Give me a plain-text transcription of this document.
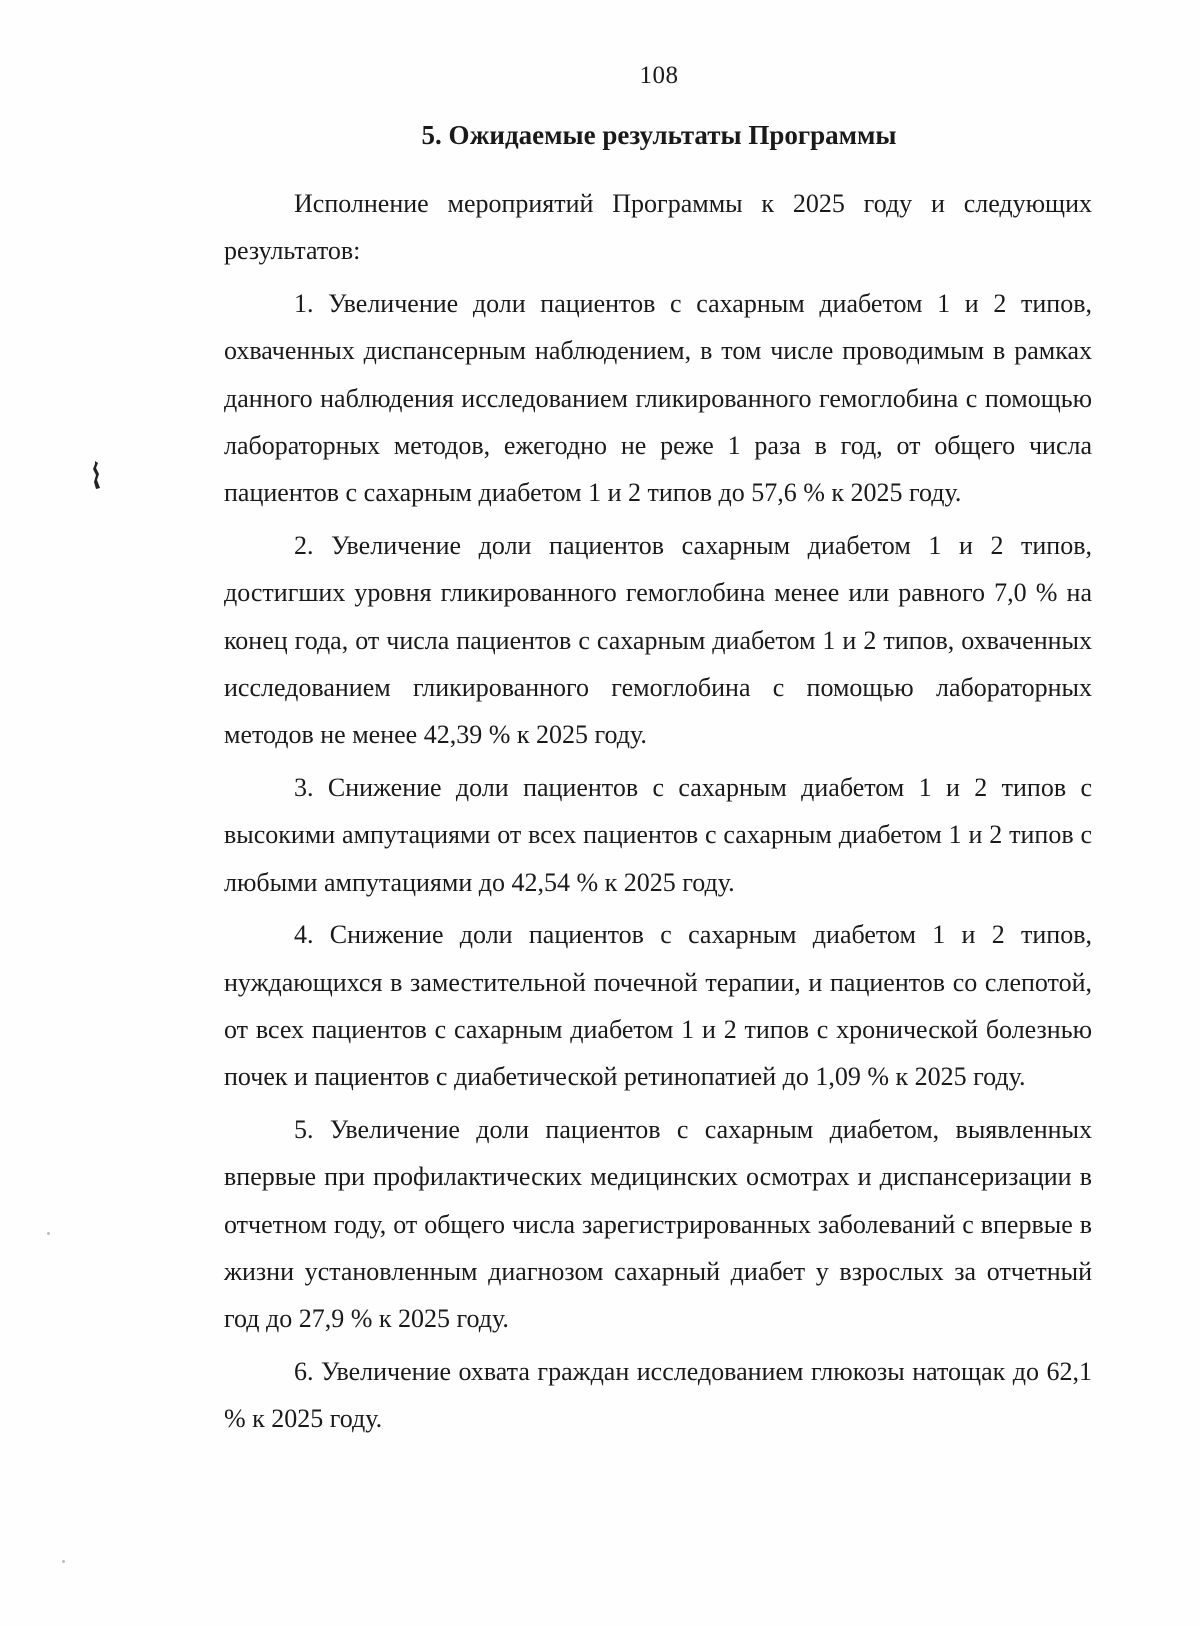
108
5. Ожидаемые результаты Программы

Исполнение мероприятий Программы к 2025 году и следующих результатов:

1. Увеличение доли пациентов с сахарным диабетом 1 и 2 типов, охваченных диспансерным наблюдением, в том числе проводимым в рамках данного наблюдения исследованием гликированного гемоглобина с помощью лабораторных методов, ежегодно не реже 1 раза в год, от общего числа пациентов с сахарным диабетом 1 и 2 типов до 57,6 % к 2025 году.

2. Увеличение доли пациентов сахарным диабетом 1 и 2 типов, достигших уровня гликированного гемоглобина менее или равного 7,0 % на конец года, от числа пациентов с сахарным диабетом 1 и 2 типов, охваченных исследованием гликированного гемоглобина с помощью лабораторных методов не менее 42,39 % к 2025 году.

3. Снижение доли пациентов с сахарным диабетом 1 и 2 типов с высокими ампутациями от всех пациентов с сахарным диабетом 1 и 2 типов с любыми ампутациями до 42,54 % к 2025 году.

4. Снижение доли пациентов с сахарным диабетом 1 и 2 типов, нуждающихся в заместительной почечной терапии, и пациентов со слепотой, от всех пациентов с сахарным диабетом 1 и 2 типов с хронической болезнью почек и пациентов с диабетической ретинопатией до 1,09 % к 2025 году.

5. Увеличение доли пациентов с сахарным диабетом, выявленных впервые при профилактических медицинских осмотрах и диспансеризации в отчетном году, от общего числа зарегистрированных заболеваний с впервые в жизни установленным диагнозом сахарный диабет у взрослых за отчетный год до 27,9 % к 2025 году.

6. Увеличение охвата граждан исследованием глюкозы натощак до 62,1 % к 2025 году.
